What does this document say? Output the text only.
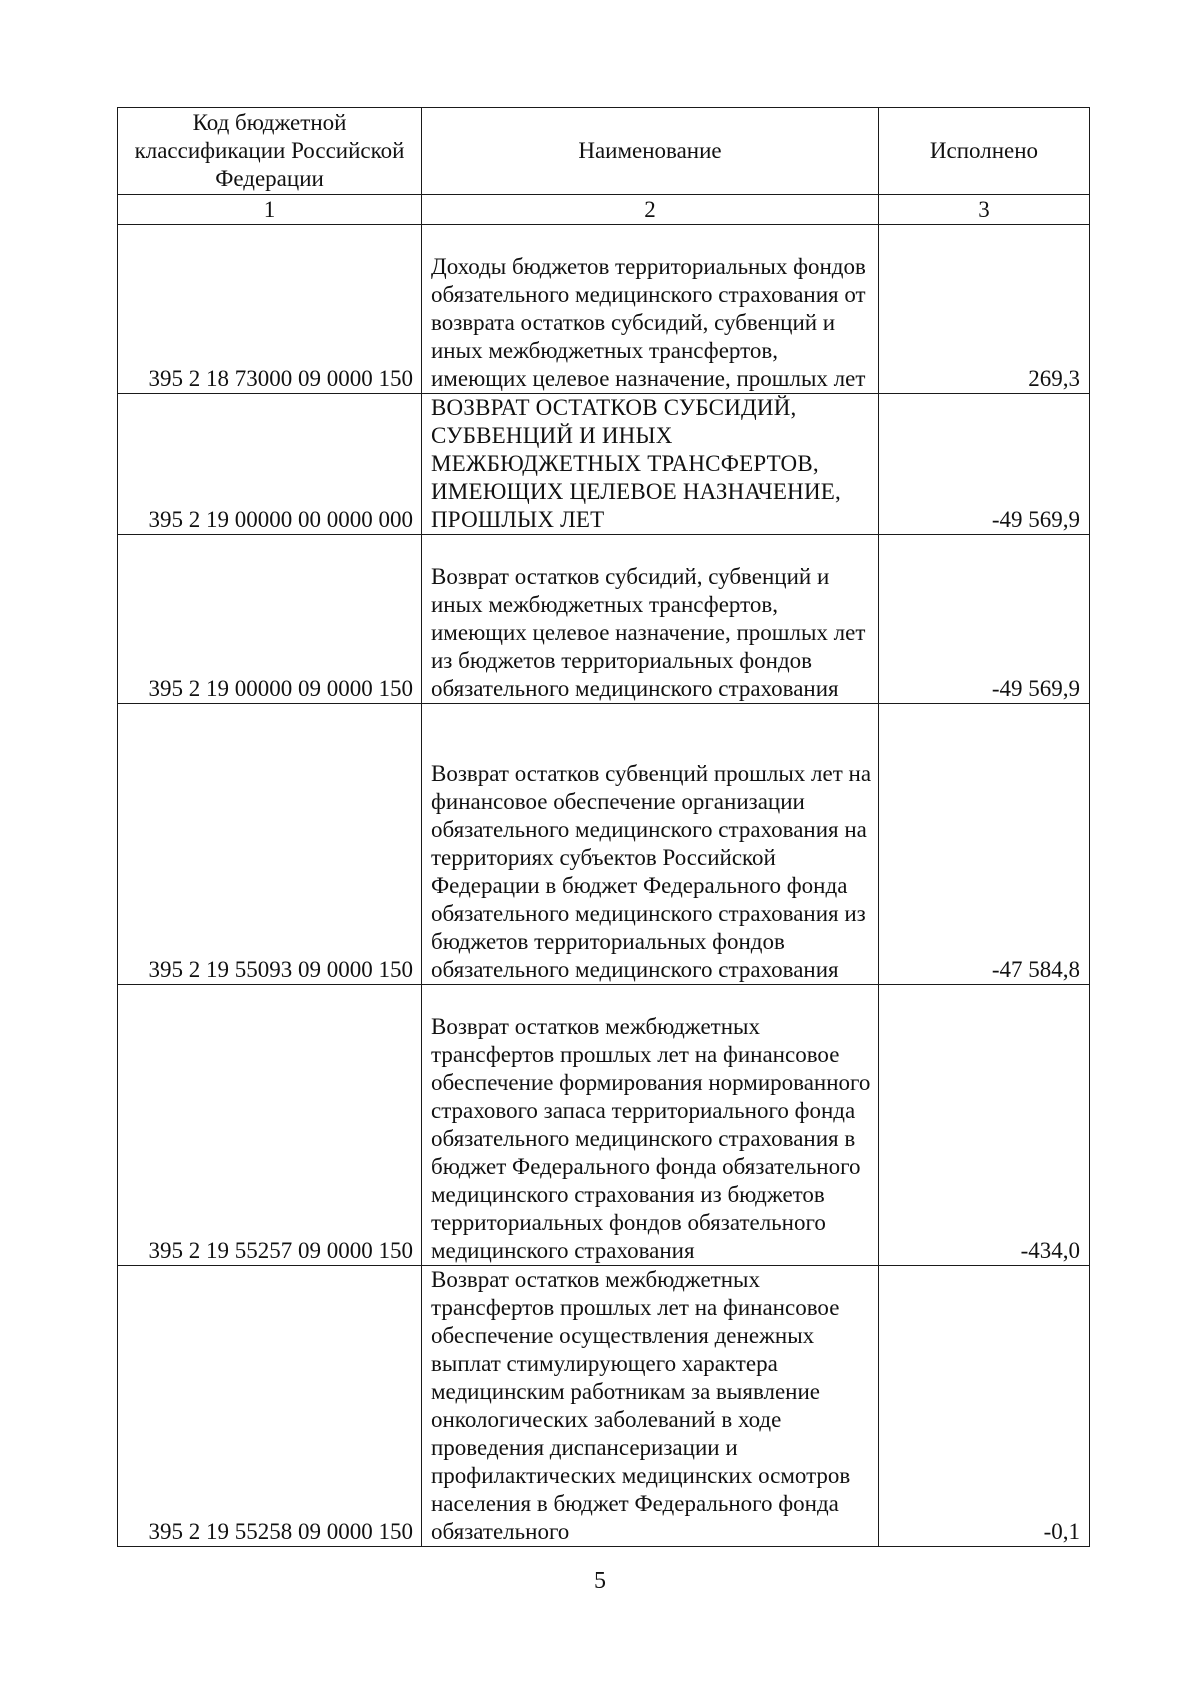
Код бюджетной классификации Российской Федерации	Наименование	Исполнено
1	2	3
395 2 18 73000 09 0000 150	Доходы бюджетов территориальных фондов обязательного медицинского страхования от возврата остатков субсидий, субвенций и иных межбюджетных трансфертов, имеющих целевое назначение, прошлых лет	269,3
395 2 19 00000 00 0000 000	ВОЗВРАТ ОСТАТКОВ СУБСИДИЙ, СУБВЕНЦИЙ И ИНЫХ МЕЖБЮДЖЕТНЫХ ТРАНСФЕРТОВ, ИМЕЮЩИХ ЦЕЛЕВОЕ НАЗНАЧЕНИЕ, ПРОШЛЫХ ЛЕТ	-49 569,9
395 2 19 00000 09 0000 150	Возврат остатков субсидий, субвенций и иных межбюджетных трансфертов, имеющих целевое назначение, прошлых лет из бюджетов территориальных фондов обязательного медицинского страхования	-49 569,9
395 2 19 55093 09 0000 150	Возврат остатков субвенций прошлых лет на финансовое обеспечение организации обязательного медицинского страхования на территориях субъектов Российской Федерации в бюджет Федерального фонда обязательного медицинского страхования из бюджетов территориальных фондов обязательного медицинского страхования	-47 584,8
395 2 19 55257 09 0000 150	Возврат остатков межбюджетных трансфертов прошлых лет на финансовое обеспечение формирования нормированного страхового запаса территориального фонда обязательного медицинского страхования в бюджет Федерального фонда обязательного медицинского страхования из бюджетов территориальных фондов обязательного медицинского страхования	-434,0
395 2 19 55258 09 0000 150	Возврат остатков межбюджетных трансфертов прошлых лет на финансовое обеспечение осуществления денежных выплат стимулирующего характера медицинским работникам за выявление онкологических заболеваний в ходе проведения диспансеризации и профилактических медицинских осмотров населения в бюджет Федерального фонда обязательного	-0,1
5
